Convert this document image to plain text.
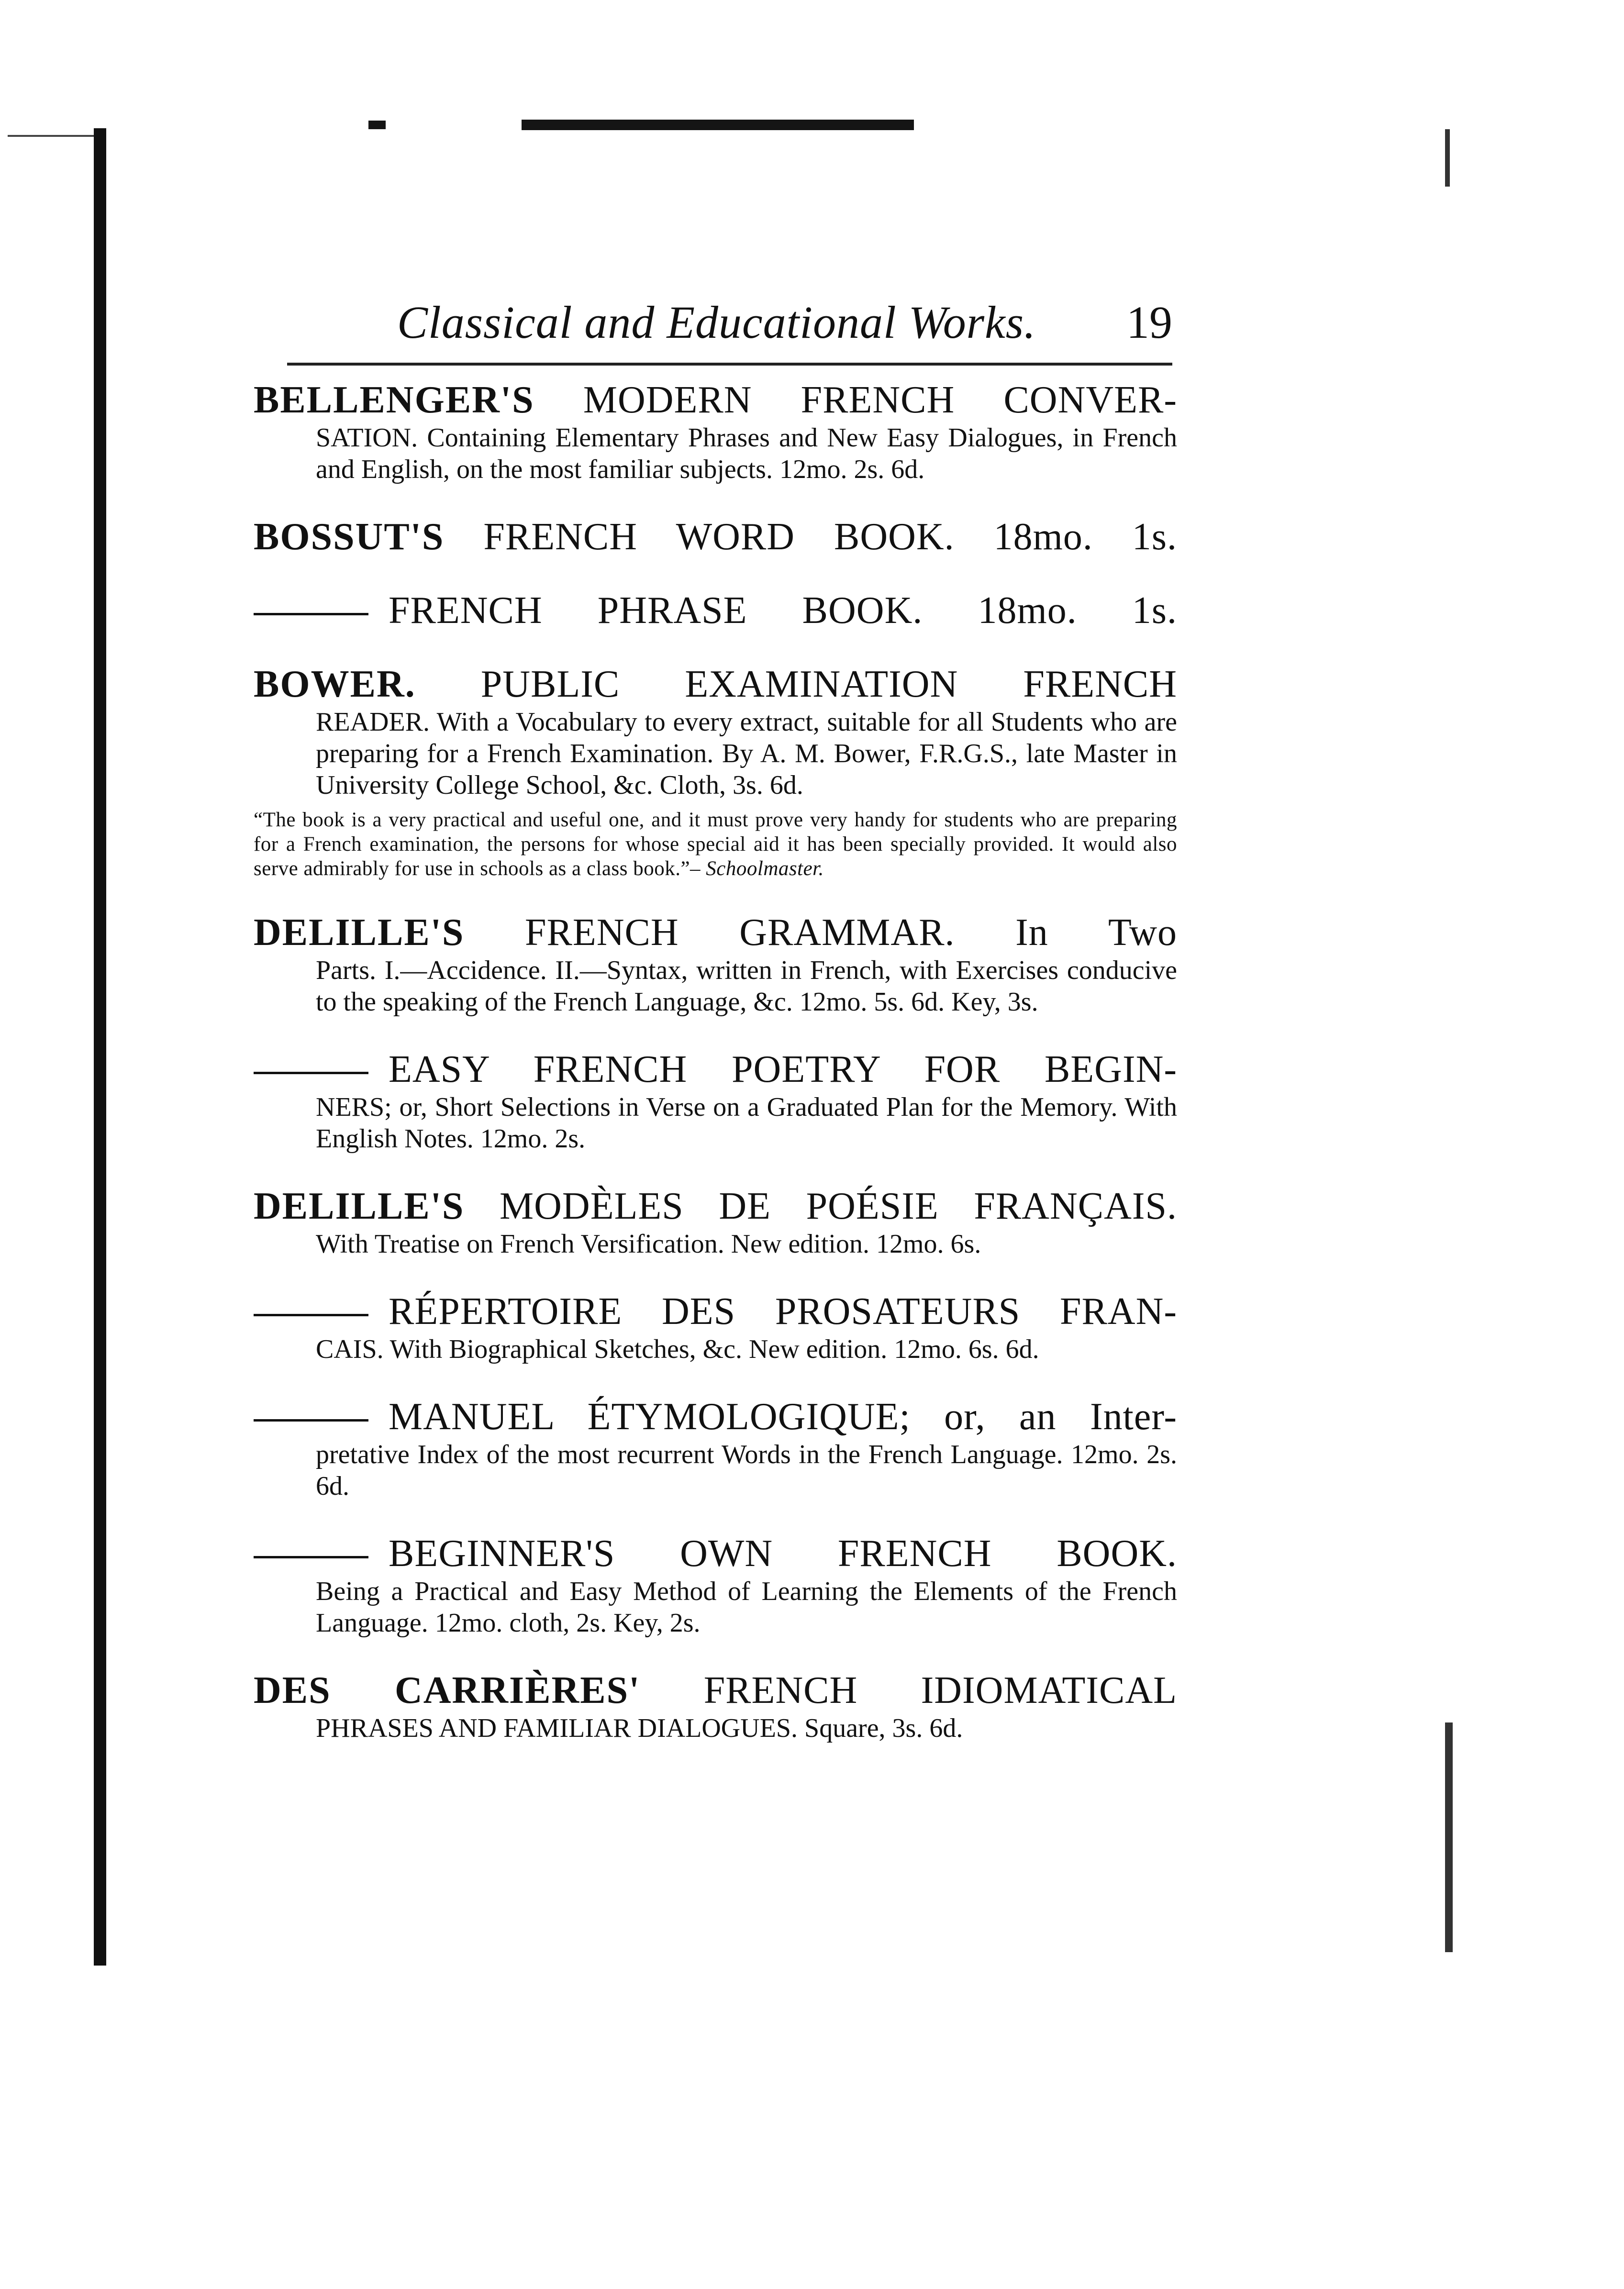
Classical and Educational Works. 19
BELLENGER'S MODERN FRENCH CONVER-
SATION. Containing Elementary Phrases and New Easy Dialogues, in French and English, on the most familiar subjects. 12mo. 2s. 6d.
BOSSUT'S FRENCH WORD BOOK. 18mo. 1s.
FRENCH PHRASE BOOK. 18mo. 1s.
BOWER. PUBLIC EXAMINATION FRENCH
READER. With a Vocabulary to every extract, suitable for all Students who are preparing for a French Examination. By A. M. Bower, F.R.G.S., late Master in University College School, &c. Cloth, 3s. 6d.
“The book is a very practical and useful one, and it must prove very handy for students who are preparing for a French examination, the persons for whose special aid it has been specially provided. It would also serve admirably for use in schools as a class book.”– Schoolmaster.
DELILLE'S FRENCH GRAMMAR. In Two
Parts. I.—Accidence. II.—Syntax, written in French, with Exercises conducive to the speaking of the French Language, &c. 12mo. 5s. 6d. Key, 3s.
EASY FRENCH POETRY FOR BEGIN-
NERS; or, Short Selections in Verse on a Graduated Plan for the Memory. With English Notes. 12mo. 2s.
DELILLE'S MODÈLES DE POÉSIE FRANÇAIS.
With Treatise on French Versification. New edition. 12mo. 6s.
RÉPERTOIRE DES PROSATEURS FRAN-
CAIS. With Biographical Sketches, &c. New edition. 12mo. 6s. 6d.
MANUEL ÉTYMOLOGIQUE; or, an Inter-
pretative Index of the most recurrent Words in the French Language. 12mo. 2s. 6d.
BEGINNER'S OWN FRENCH BOOK.
Being a Practical and Easy Method of Learning the Elements of the French Language. 12mo. cloth, 2s. Key, 2s.
DES CARRIÈRES' FRENCH IDIOMATICAL
PHRASES AND FAMILIAR DIALOGUES. Square, 3s. 6d.
